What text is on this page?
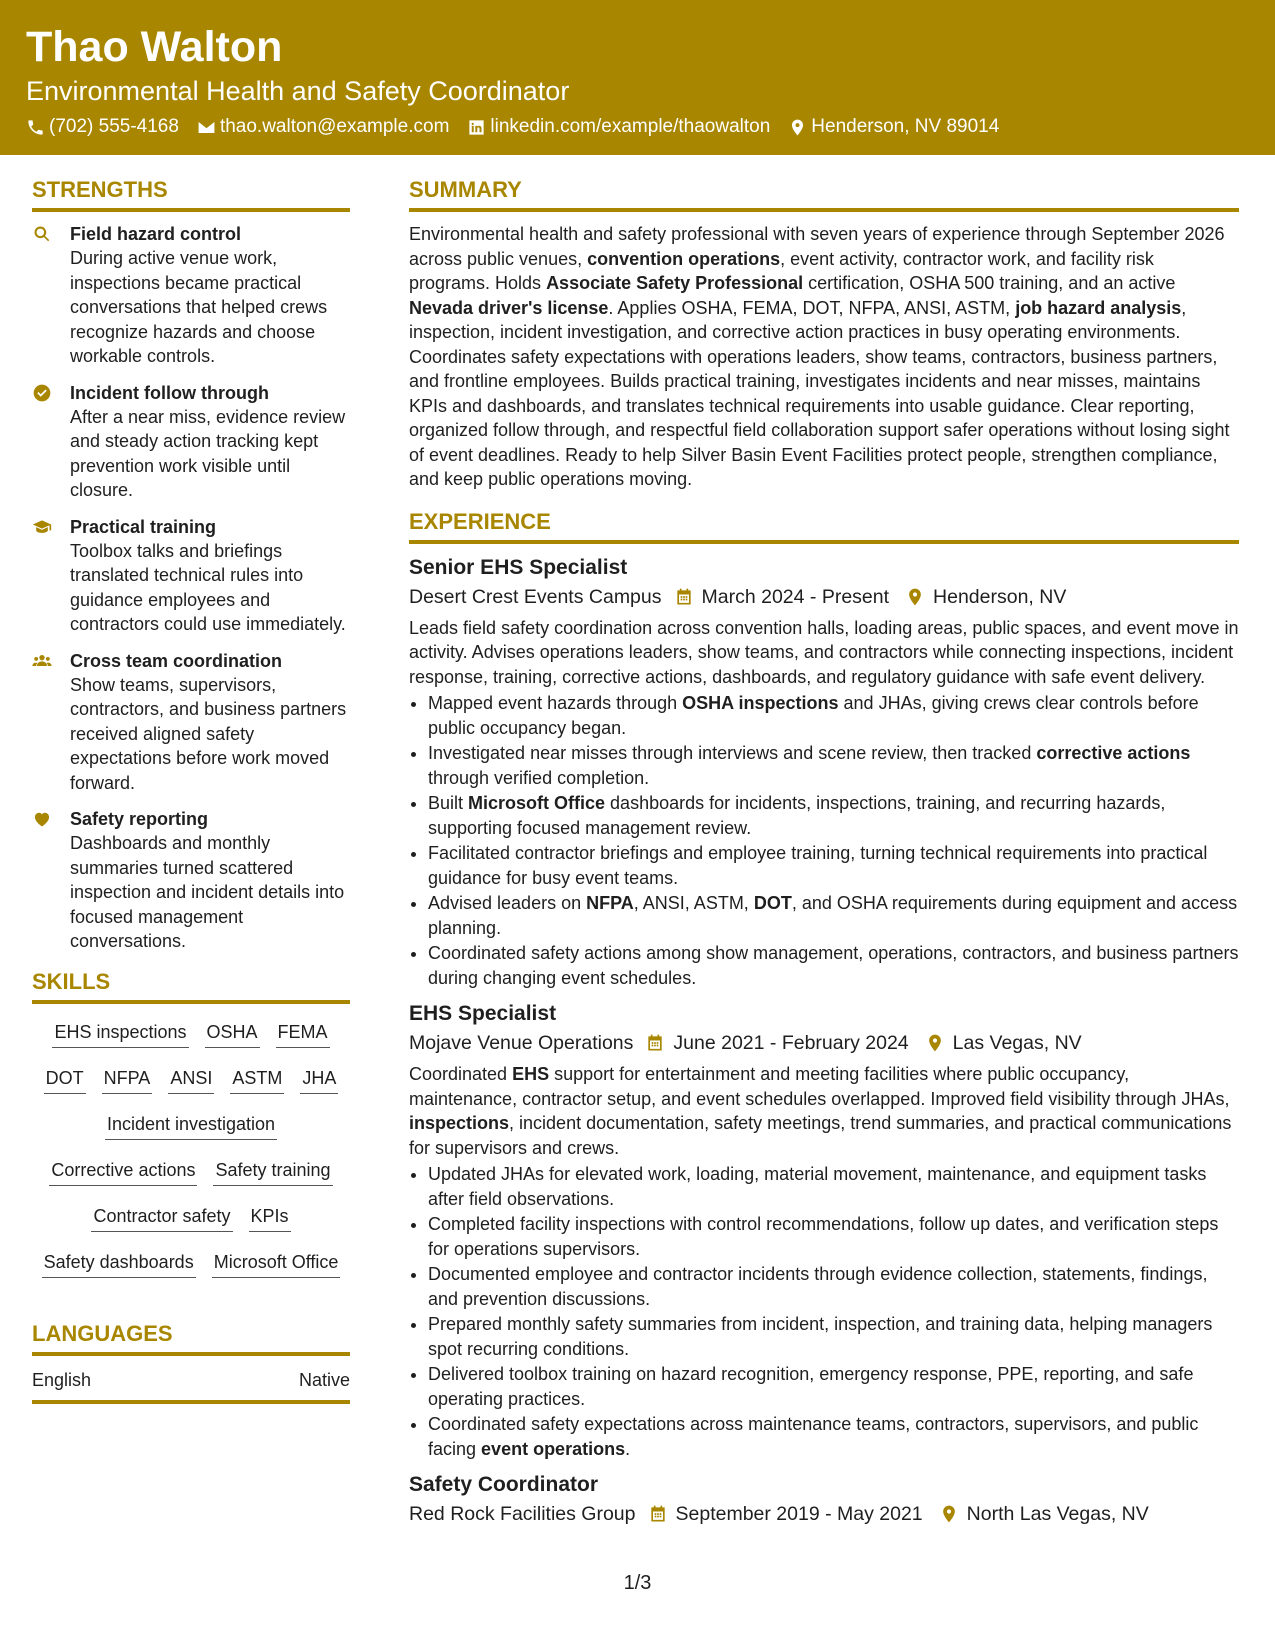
Thao Walton
Environmental Health and Safety Coordinator
(702) 555-4168 thao.walton@example.com linkedin.com/example/thaowalton Henderson, NV 89014
STRENGTHS
Field hazard control
During active venue work, inspections became practical conversations that helped crews recognize hazards and choose workable controls.
Incident follow through
After a near miss, evidence review and steady action tracking kept prevention work visible until closure.
Practical training
Toolbox talks and briefings translated technical rules into guidance employees and contractors could use immediately.
Cross team coordination
Show teams, supervisors, contractors, and business partners received aligned safety expectations before work moved forward.
Safety reporting
Dashboards and monthly summaries turned scattered inspection and incident details into focused management conversations.
SKILLS
EHS inspections OSHA FEMA
DOT NFPA ANSI ASTM JHA
Incident investigation
Corrective actions Safety training
Contractor safety KPIs
Safety dashboards Microsoft Office
LANGUAGES
English	Native
SUMMARY
Environmental health and safety professional with seven years of experience through September 2026 across public venues, convention operations, event activity, contractor work, and facility risk programs. Holds Associate Safety Professional certification, OSHA 500 training, and an active Nevada driver's license. Applies OSHA, FEMA, DOT, NFPA, ANSI, ASTM, job hazard analysis, inspection, incident investigation, and corrective action practices in busy operating environments. Coordinates safety expectations with operations leaders, show teams, contractors, business partners, and frontline employees. Builds practical training, investigates incidents and near misses, maintains KPIs and dashboards, and translates technical requirements into usable guidance. Clear reporting, organized follow through, and respectful field collaboration support safer operations without losing sight of event deadlines. Ready to help Silver Basin Event Facilities protect people, strengthen compliance, and keep public operations moving.
EXPERIENCE
Senior EHS Specialist
Desert Crest Events Campus March 2024 - Present Henderson, NV
Leads field safety coordination across convention halls, loading areas, public spaces, and event move in activity. Advises operations leaders, show teams, and contractors while connecting inspections, incident response, training, corrective actions, dashboards, and regulatory guidance with safe event delivery.
• Mapped event hazards through OSHA inspections and JHAs, giving crews clear controls before public occupancy began.
• Investigated near misses through interviews and scene review, then tracked corrective actions through verified completion.
• Built Microsoft Office dashboards for incidents, inspections, training, and recurring hazards, supporting focused management review.
• Facilitated contractor briefings and employee training, turning technical requirements into practical guidance for busy event teams.
• Advised leaders on NFPA, ANSI, ASTM, DOT, and OSHA requirements during equipment and access planning.
• Coordinated safety actions among show management, operations, contractors, and business partners during changing event schedules.
EHS Specialist
Mojave Venue Operations June 2021 - February 2024 Las Vegas, NV
Coordinated EHS support for entertainment and meeting facilities where public occupancy, maintenance, contractor setup, and event schedules overlapped. Improved field visibility through JHAs, inspections, incident documentation, safety meetings, trend summaries, and practical communications for supervisors and crews.
• Updated JHAs for elevated work, loading, material movement, maintenance, and equipment tasks after field observations.
• Completed facility inspections with control recommendations, follow up dates, and verification steps for operations supervisors.
• Documented employee and contractor incidents through evidence collection, statements, findings, and prevention discussions.
• Prepared monthly safety summaries from incident, inspection, and training data, helping managers spot recurring conditions.
• Delivered toolbox training on hazard recognition, emergency response, PPE, reporting, and safe operating practices.
• Coordinated safety expectations across maintenance teams, contractors, supervisors, and public facing event operations.
Safety Coordinator
Red Rock Facilities Group September 2019 - May 2021 North Las Vegas, NV
1/3
